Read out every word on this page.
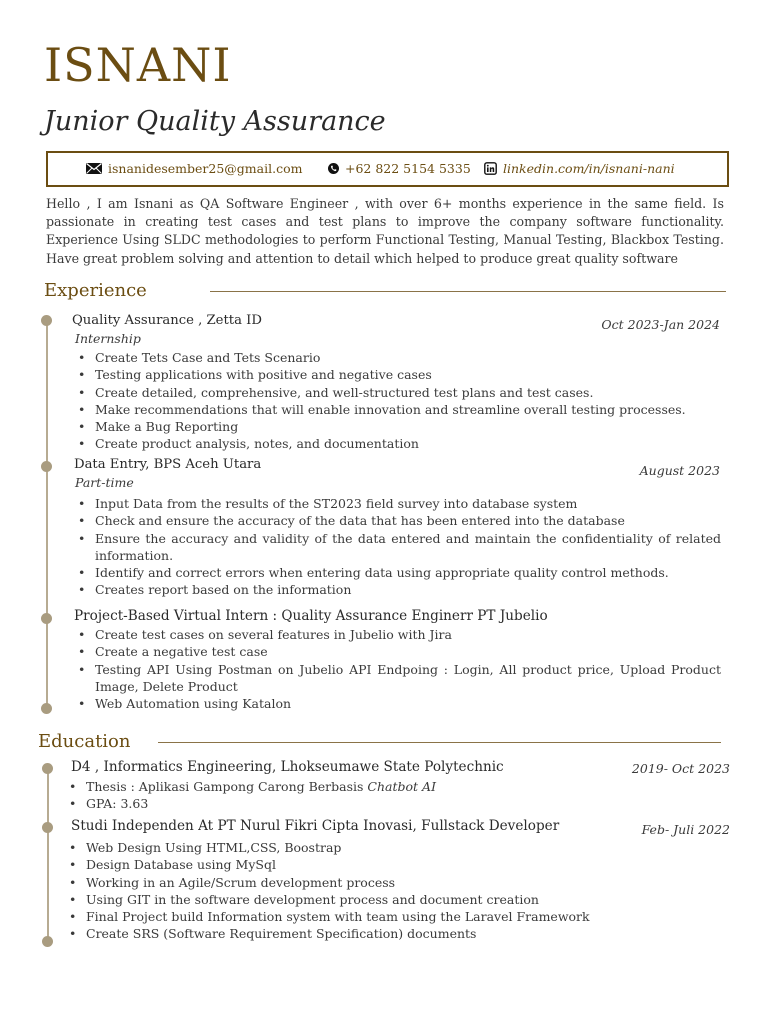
ISNANI
Junior Quality Assurance
isnanidesember25@gmail.com	+62 822 5154 5335	linkedin.com/in/isnani-nani
Hello , I am Isnani as QA Software Engineer , with over 6+ months experience in the same field. Is passionate in creating test cases and test plans to improve the company software functionality. Experience Using SLDC methodologies to perform Functional Testing, Manual Testing, Blackbox Testing. Have great problem solving and attention to detail which helped to produce great quality software
Experience
Quality Assurance , Zetta ID	Oct 2023-Jan 2024
Internship
• Create Tets Case and Tets Scenario
• Testing applications with positive and negative cases
• Create detailed, comprehensive, and well-structured test plans and test cases.
• Make recommendations that will enable innovation and streamline overall testing processes.
• Make a Bug Reporting
• Create product analysis, notes, and documentation
Data Entry, BPS Aceh Utara	August 2023
Part-time
• Input Data from the results of the ST2023 field survey into database system
• Check and ensure the accuracy of the data that has been entered into the database
• Ensure the accuracy and validity of the data entered and maintain the confidentiality of related information.
• Identify and correct errors when entering data using appropriate quality control methods.
• Creates report based on the information
Project-Based Virtual Intern : Quality Assurance Enginerr PT Jubelio
• Create test cases on several features in Jubelio with Jira
• Create a negative test case
• Testing API Using Postman on Jubelio API Endpoing : Login, All product price, Upload Product Image, Delete Product
• Web Automation using Katalon
Education
D4 , Informatics Engineering, Lhokseumawe State Polytechnic	2019- Oct 2023
• Thesis : Aplikasi Gampong Carong Berbasis Chatbot AI
• GPA: 3.63
Studi Independen At PT Nurul Fikri Cipta Inovasi, Fullstack Developer	Feb- Juli 2022
• Web Design Using HTML,CSS, Boostrap
• Design Database using MySql
• Working in an Agile/Scrum development process
• Using GIT in the software development process and document creation
• Final Project build Information system with team using the Laravel Framework
• Create SRS (Software Requirement Specification) documents
